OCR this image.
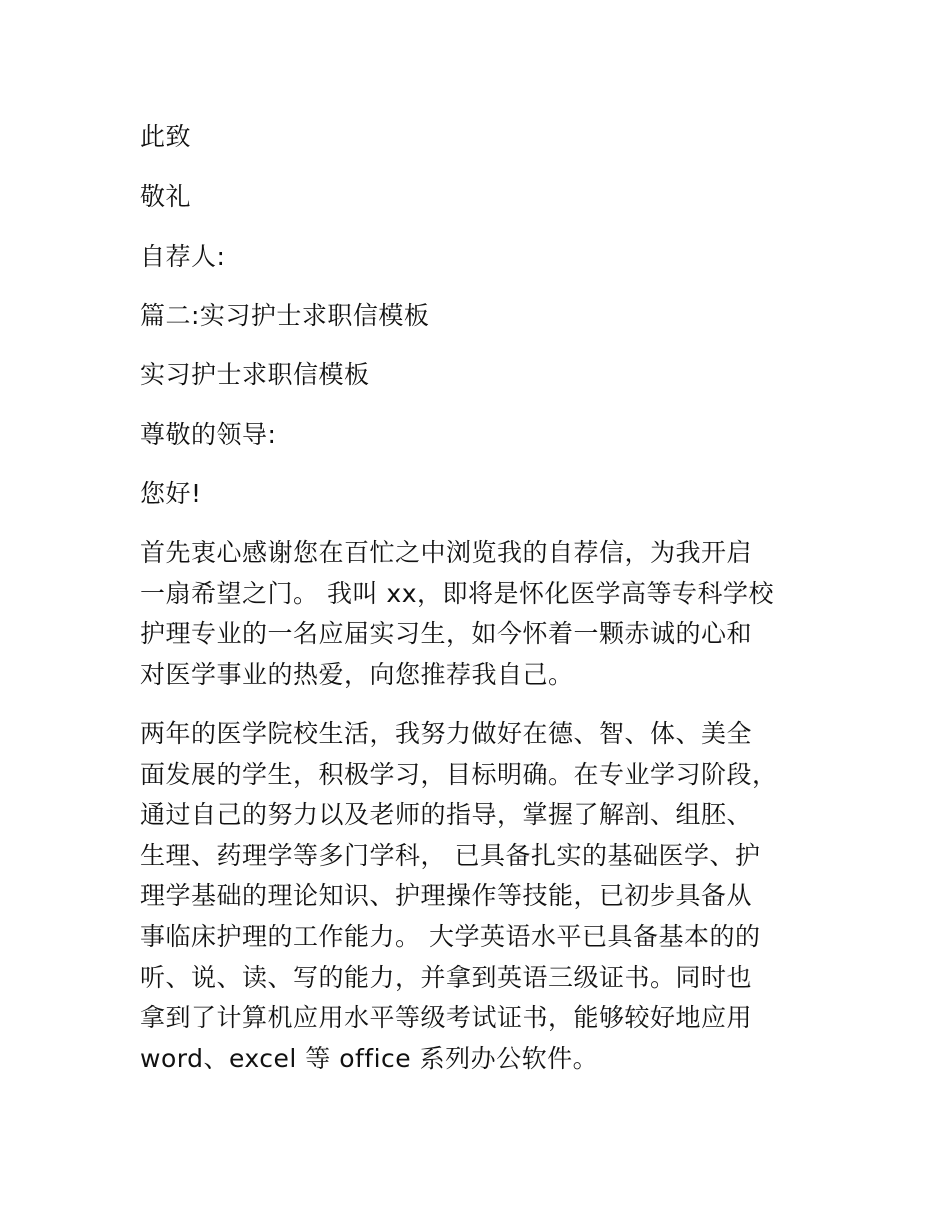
此致
敬礼
自荐人:
篇二:实习护士求职信模板
实习护士求职信模板
尊敬的领导:
您好!
首先衷心感谢您在百忙之中浏览我的自荐信，为我开启
一扇希望之门。 我叫 xx，即将是怀化医学高等专科学校
护理专业的一名应届实习生，如今怀着一颗赤诚的心和
对医学事业的热爱，向您推荐我自己。
两年的医学院校生活，我努力做好在德、智、体、美全
面发展的学生，积极学习，目标明确。在专业学习阶段，
通过自己的努力以及老师的指导，掌握了解剖、组胚、
生理、药理学等多门学科， 已具备扎实的基础医学、护
理学基础的理论知识、护理操作等技能，已初步具备从
事临床护理的工作能力。 大学英语水平已具备基本的的
听、说、读、写的能力，并拿到英语三级证书。同时也
拿到了计算机应用水平等级考试证书，能够较好地应用
word、excel 等 office 系列办公软件。
